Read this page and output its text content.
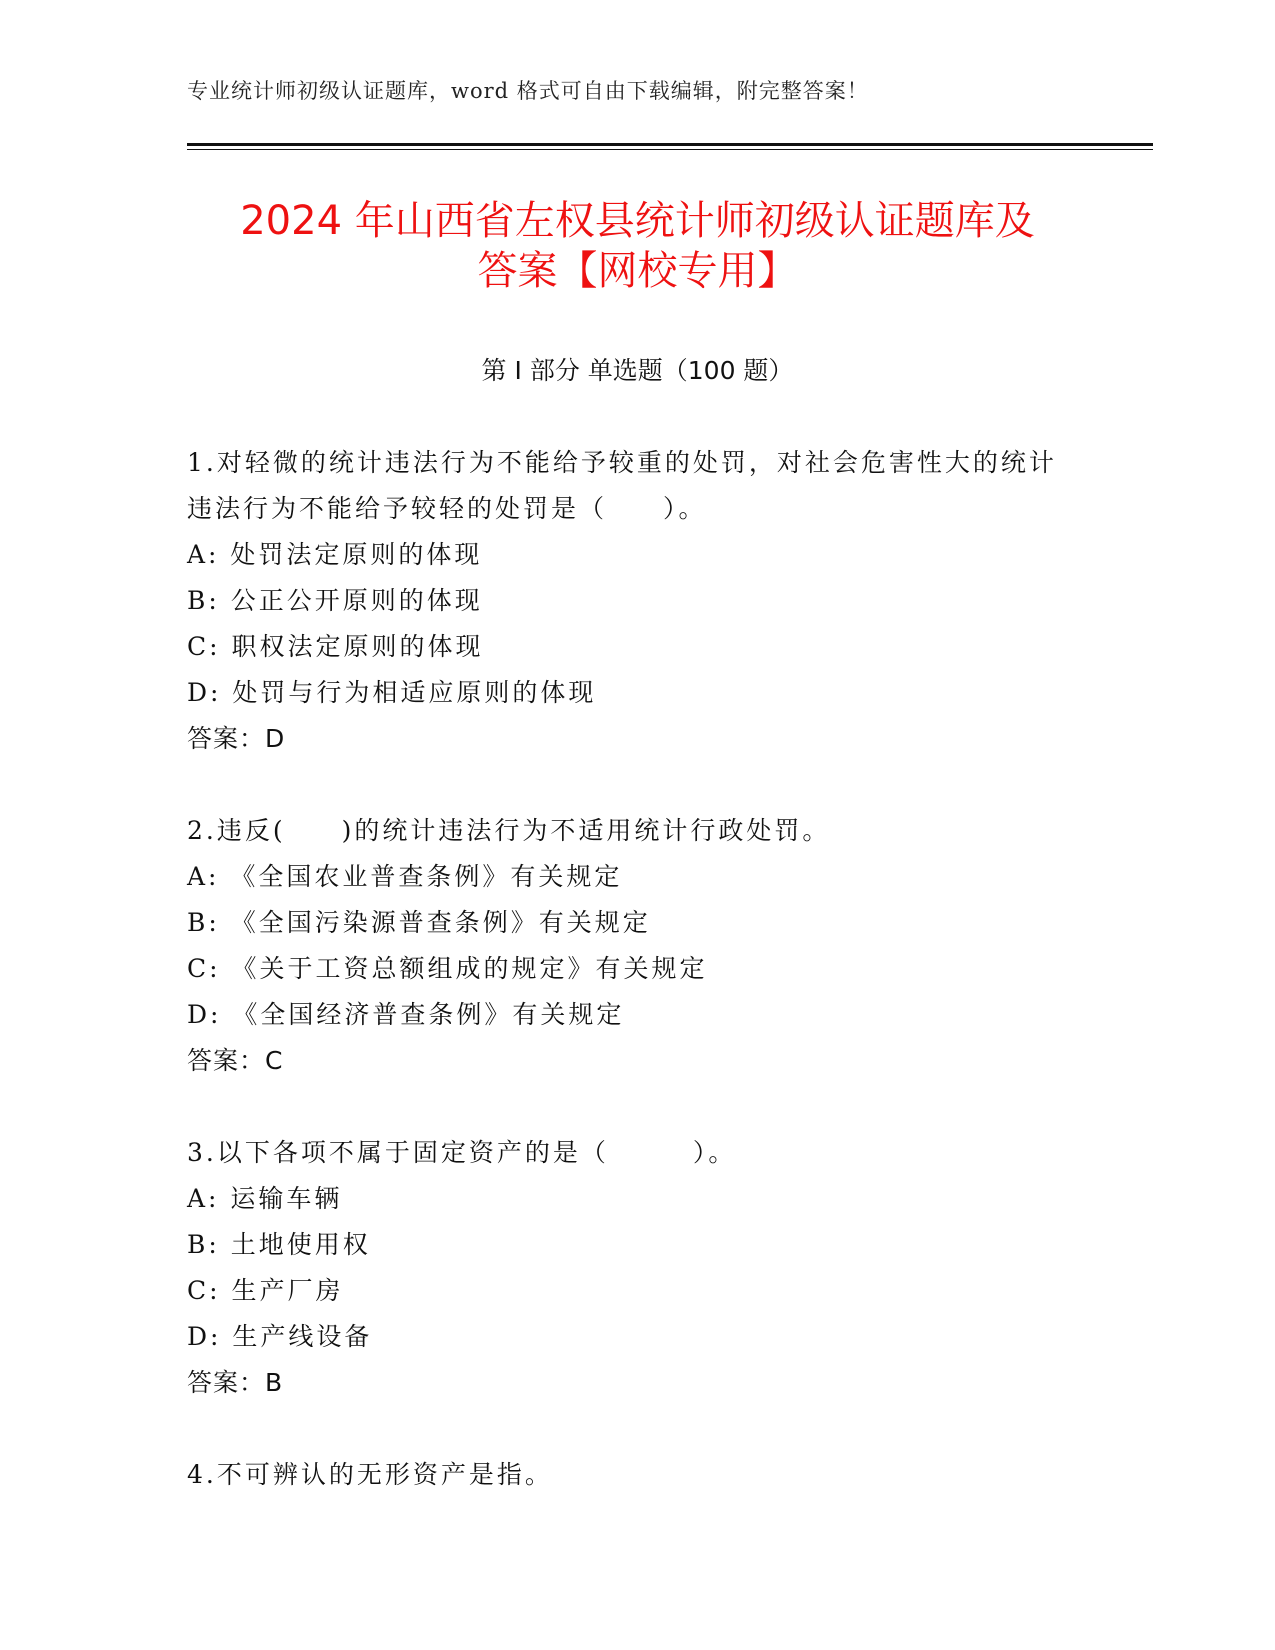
专业统计师初级认证题库，word 格式可自由下载编辑，附完整答案！
2024 年山西省左权县统计师初级认证题库及
答案【网校专用】
第 I 部分 单选题（100 题）
1.对轻微的统计违法行为不能给予较重的处罚，对社会危害性大的统计违法行为不能给予较轻的处罚是（　　）。
A: 处罚法定原则的体现
B: 公正公开原则的体现
C: 职权法定原则的体现
D: 处罚与行为相适应原则的体现
答案：D
2.违反(　　)的统计违法行为不适用统计行政处罚。
A: 《全国农业普查条例》有关规定
B: 《全国污染源普查条例》有关规定
C: 《关于工资总额组成的规定》有关规定
D: 《全国经济普查条例》有关规定
答案：C
3.以下各项不属于固定资产的是（　　　）。
A: 运输车辆
B: 土地使用权
C: 生产厂房
D: 生产线设备
答案：B
4.不可辨认的无形资产是指。
